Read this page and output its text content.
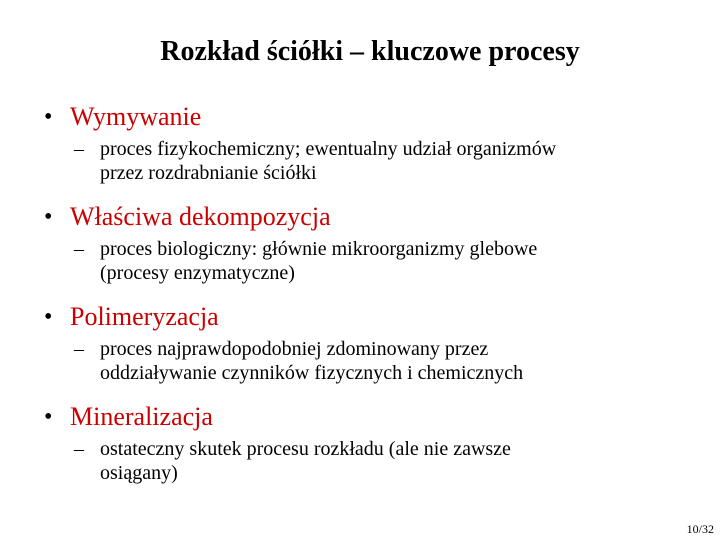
Rozkład ściółki – kluczowe procesy
• Wymywanie
– proces fizykochemiczny; ewentualny udział organizmów
przez rozdrabnianie ściółki
• Właściwa dekompozycja
– proces biologiczny: głównie mikroorganizmy glebowe
(procesy enzymatyczne)
• Polimeryzacja
– proces najprawdopodobniej zdominowany przez
oddziaływanie czynników fizycznych i chemicznych
• Mineralizacja
– ostateczny skutek procesu rozkładu (ale nie zawsze
osiągany)
10/32
